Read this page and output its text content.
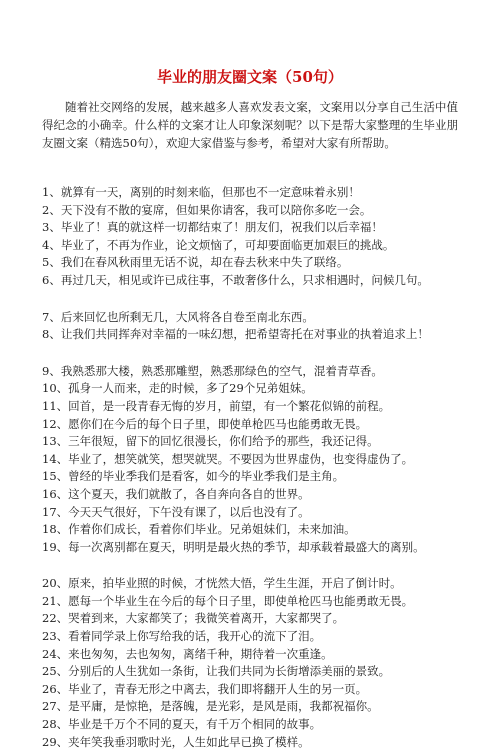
毕业的朋友圈文案（50句）

随着社交网络的发展，越来越多人喜欢发表文案，文案用以分享自己生活中值得纪念的小确幸。什么样的文案才让人印象深刻呢？以下是帮大家整理的生毕业朋友圈文案（精选50句），欢迎大家借鉴与参考，希望对大家有所帮助。

1、就算有一天，离别的时刻来临，但那也不一定意味着永别！
2、天下没有不散的宴席，但如果你请客，我可以陪你多吃一会。
3、毕业了！真的就这样一切都结束了！朋友们，祝我们以后幸福！
4、毕业了，不再为作业，论文烦恼了，可却要面临更加艰巨的挑战。
5、我们在春风秋雨里无话不说，却在春去秋来中失了联络。
6、再过几天，相见或许已成往事，不敢奢侈什么，只求相遇时，问候几句。
7、后来回忆也所剩无几，大风将各自卷至南北东西。
8、让我们共同挥奔对幸福的一味幻想，把希望寄托在对事业的执着追求上！
9、我熟悉那大楼，熟悉那雕塑，熟悉那绿色的空气，混着青草香。
10、孤身一人而来，走的时候，多了29个兄弟姐妹。
11、回首，是一段青春无悔的岁月，前望，有一个繁花似锦的前程。
12、愿你们在今后的每个日子里，即使单枪匹马也能勇敢无畏。
13、三年很短，留下的回忆很漫长，你们给予的那些，我还记得。
14、毕业了，想笑就笑，想哭就哭。不要因为世界虚伪，也变得虚伪了。
15、曾经的毕业季我们是看客，如今的毕业季我们是主角。
16、这个夏天，我们就散了，各自奔向各自的世界。
17、今天天气很好，下午没有课了，以后也没有了。
18、作着你们成长，看着你们毕业。兄弟姐妹们，未来加油。
19、每一次离别都在夏天，明明是最火热的季节，却承载着最盛大的离别。
20、原来，拍毕业照的时候，才恍然大悟，学生生涯，开启了倒计时。
21、愿每一个毕业生在今后的每个日子里，即使单枪匹马也能勇敢无畏。
22、哭着到来，大家都笑了；我微笑着离开，大家都哭了。
23、看着同学录上你写给我的话，我开心的流下了泪。
24、来也匆匆，去也匆匆，离绪千种，期待着一次重逢。
25、分别后的人生犹如一条街，让我们共同为长街增添美丽的景致。
26、毕业了，青春无形之中离去，我们即将翻开人生的另一页。
27、是平庸，是惊艳，是落魄，是光彩，是风是雨，我都祝福你。
28、毕业是千万个不同的夏天，有千万个相同的故事。
29、夹年笑我垂羽歌时光，人生如此早已换了模样。
